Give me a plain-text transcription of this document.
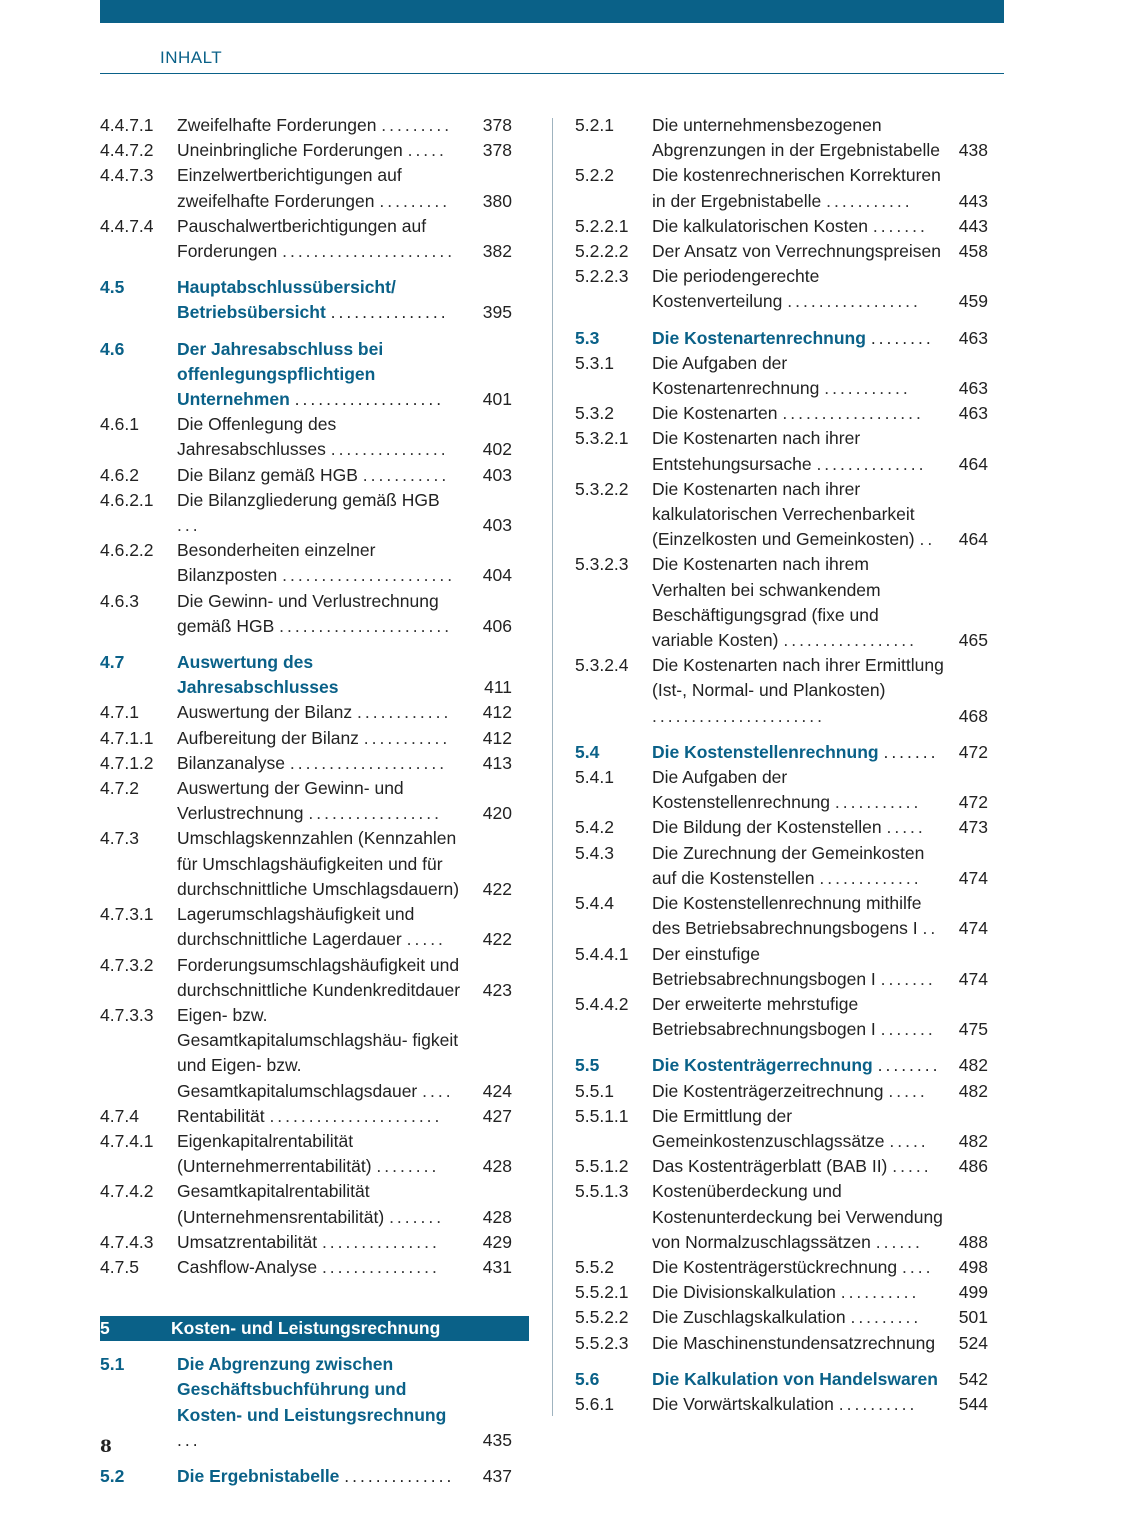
INHALT
4.4.7.1 Zweifelhafte Forderungen .........	378
4.4.7.2 Uneinbringliche Forderungen .....	378
4.4.7.3 Einzelwertberichtigungen auf zweifelhafte Forderungen .........	380
4.4.7.4 Pauschalwertberichtigungen auf Forderungen ......................	382
4.5	Hauptabschlussübersicht/ Betriebsübersicht ...............	395
4.6	Der Jahresabschluss bei offenlegungspflichtigen Unternehmen ...................	401
4.6.1 Die Offenlegung des Jahresabschlusses ...............	402
4.6.2 Die Bilanz gemäß HGB ...........	403
4.6.2.1 Die Bilanzgliederung gemäß HGB ...	403
4.6.2.2 Besonderheiten einzelner Bilanzposten ......................	404
4.6.3 Die Gewinn- und Verlustrechnung gemäß HGB ......................	406
4.7	Auswertung des Jahresabschlusses	411
4.7.1 Auswertung der Bilanz ............	412
4.7.1.1 Aufbereitung der Bilanz ...........	412
4.7.1.2 Bilanzanalyse ....................	413
4.7.2 Auswertung der Gewinn- und Verlustrechnung .................	420
4.7.3 Umschlagskennzahlen (Kennzahlen für Umschlagshäufigkeiten und für durchschnittliche Umschlagsdauern)	422
4.7.3.1 Lagerumschlagshäufigkeit und durchschnittliche Lagerdauer .....	422
4.7.3.2 Forderungsumschlagshäufigkeit und durchschnittliche Kundenkreditdauer	423
4.7.3.3 Eigen- bzw. Gesamtkapitalumschlagshäu- figkeit und Eigen- bzw. Gesamtkapitalumschlagsdauer ....	424
4.7.4 Rentabilität ......................	427
4.7.4.1 Eigenkapitalrentabilität (Unternehmerrentabilität) ........	428
4.7.4.2 Gesamtkapitalrentabilität (Unternehmensrentabilität) .......	428
4.7.4.3 Umsatzrentabilität ...............	429
4.7.5 Cashflow-Analyse ...............	431
5	Kosten- und Leistungsrechnung
5.1	Die Abgrenzung zwischen Geschäftsbuchführung und Kosten- und Leistungsrechnung ...	435
5.2	Die Ergebnistabelle ..............	437
5.2.1 Die unternehmensbezogenen Abgrenzungen in der Ergebnistabelle	438
5.2.2 Die kostenrechnerischen Korrekturen in der Ergebnistabelle ...........	443
5.2.2.1 Die kalkulatorischen Kosten .......	443
5.2.2.2 Der Ansatz von Verrechnungspreisen	458
5.2.2.3 Die periodengerechte Kostenverteilung .................	459
5.3	Die Kostenartenrechnung ........	463
5.3.1 Die Aufgaben der Kostenartenrechnung ...........	463
5.3.2 Die Kostenarten ..................	463
5.3.2.1 Die Kostenarten nach ihrer Entstehungsursache ..............	464
5.3.2.2 Die Kostenarten nach ihrer kalkulatorischen Verrechenbarkeit (Einzelkosten und Gemeinkosten) ..	464
5.3.2.3 Die Kostenarten nach ihrem Verhalten bei schwankendem Beschäftigungsgrad (fixe und variable Kosten) .................	465
5.3.2.4 Die Kostenarten nach ihrer Ermittlung (Ist-, Normal- und Plankosten) ......................	468
5.4	Die Kostenstellenrechnung .......	472
5.4.1 Die Aufgaben der Kostenstellenrechnung ...........	472
5.4.2 Die Bildung der Kostenstellen .....	473
5.4.3 Die Zurechnung der Gemeinkosten auf die Kostenstellen .............	474
5.4.4 Die Kostenstellenrechnung mithilfe des Betriebsabrechnungsbogens I ..	474
5.4.4.1 Der einstufige Betriebsabrechnungsbogen I .......	474
5.4.4.2 Der erweiterte mehrstufige Betriebsabrechnungsbogen I .......	475
5.5	Die Kostenträgerrechnung ........	482
5.5.1 Die Kostenträgerzeitrechnung .....	482
5.5.1.1 Die Ermittlung der Gemeinkostenzuschlagssätze .....	482
5.5.1.2 Das Kostenträgerblatt (BAB II) .....	486
5.5.1.3 Kostenüberdeckung und Kostenunterdeckung bei Verwendung von Normalzuschlagssätzen ......	488
5.5.2 Die Kostenträgerstückrechnung ....	498
5.5.2.1 Die Divisionskalkulation ..........	499
5.5.2.2 Die Zuschlagskalkulation .........	501
5.5.2.3 Die Maschinenstundensatzrechnung	524
5.6	Die Kalkulation von Handelswaren	542
5.6.1 Die Vorwärtskalkulation ..........	544
8
